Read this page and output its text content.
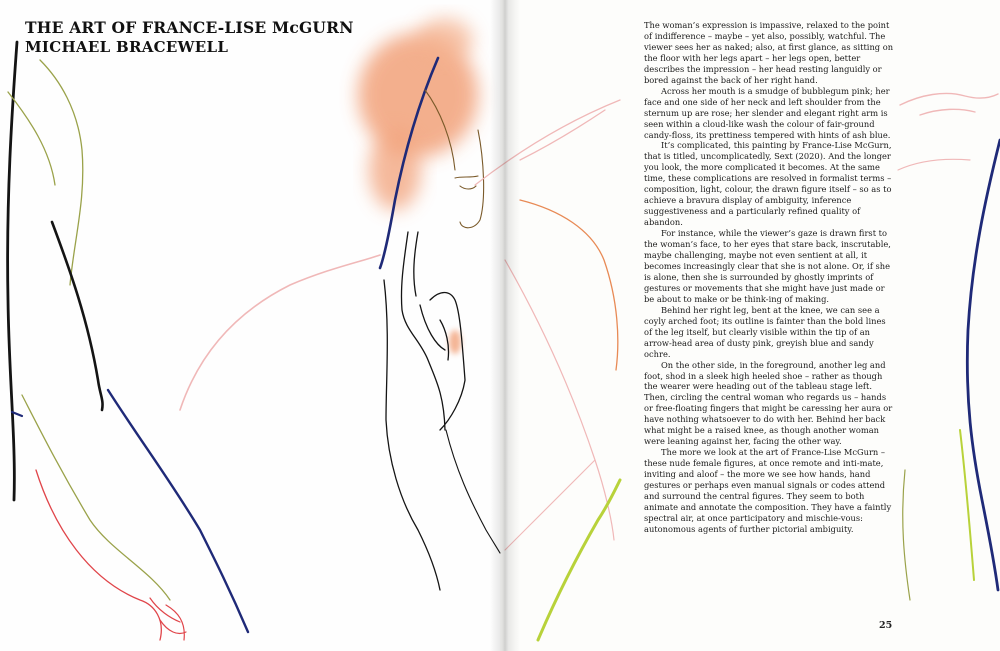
THE ART OF FRANCE-LISE McGURN
MICHAEL BRACEWELL

The woman’s expression is impassive, relaxed to the point of indifference – maybe – yet also, possibly, watchful. The viewer sees her as naked; also, at first glance, as sitting on the floor with her legs apart – her legs open, better describes the impression – her head resting languidly or bored against the back of her right hand.

Across her mouth is a smudge of bubblegum pink; her face and one side of her neck and left shoulder from the sternum up are rose; her slender and elegant right arm is seen within a cloud-like wash the colour of fair-ground candy-floss, its prettiness tempered with hints of ash blue.

It’s complicated, this painting by France-Lise McGurn, that is titled, uncomplicatedly, Sext (2020). And the longer you look, the more complicated it becomes. At the same time, these complications are resolved in formalist terms – composition, light, colour, the drawn figure itself – so as to achieve a bravura display of ambiguity, inference suggestiveness and a particularly refined quality of abandon.

For instance, while the viewer’s gaze is drawn first to the woman’s face, to her eyes that stare back, inscrutable, maybe challenging, maybe not even sentient at all, it becomes increasingly clear that she is not alone. Or, if she is alone, then she is surrounded by ghostly imprints of gestures or movements that she might have just made or be about to make or be think-ing of making.

Behind her right leg, bent at the knee, we can see a coyly arched foot; its outline is fainter than the bold lines of the leg itself, but clearly visible within the tip of an arrow-head area of dusty pink, greyish blue and sandy ochre.

On the other side, in the foreground, another leg and foot, shod in a sleek high heeled shoe – rather as though the wearer were heading out of the tableau stage left. Then, circling the central woman who regards us – hands or free-floating fingers that might be caressing her aura or have nothing whatsoever to do with her. Behind her back what might be a raised knee, as though another woman were leaning against her, facing the other way.

The more we look at the art of France-Lise McGurn – these nude female figures, at once remote and inti-mate, inviting and aloof – the more we see how hands, hand gestures or perhaps even manual signals or codes attend and surround the central figures. They seem to both animate and annotate the composition. They have a faintly spectral air, at once participatory and mischie-vous: autonomous agents of further pictorial ambiguity.

25
